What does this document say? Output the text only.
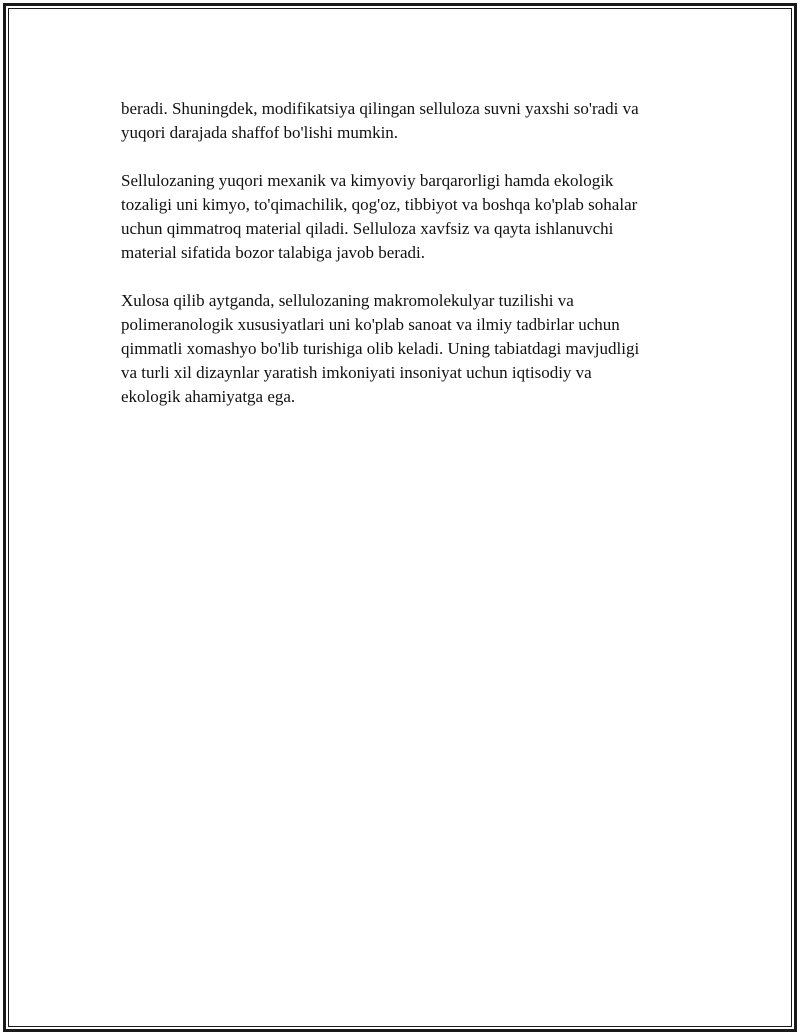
beradi. Shuningdek, modifikatsiya qilingan selluloza suvni yaxshi so'radi va
yuqori darajada shaffof bo'lishi mumkin.

Sellulozaning yuqori mexanik va kimyoviy barqarorligi hamda ekologik
tozaligi uni kimyo, to'qimachilik, qog'oz, tibbiyot va boshqa ko'plab sohalar
uchun qimmatroq material qiladi. Selluloza xavfsiz va qayta ishlanuvchi
material sifatida bozor talabiga javob beradi.

Xulosa qilib aytganda, sellulozaning makromolekulyar tuzilishi va
polimeranologik xususiyatlari uni ko'plab sanoat va ilmiy tadbirlar uchun
qimmatli xomashyo bo'lib turishiga olib keladi. Uning tabiatdagi mavjudligi
va turli xil dizaynlar yaratish imkoniyati insoniyat uchun iqtisodiy va
ekologik ahamiyatga ega.
